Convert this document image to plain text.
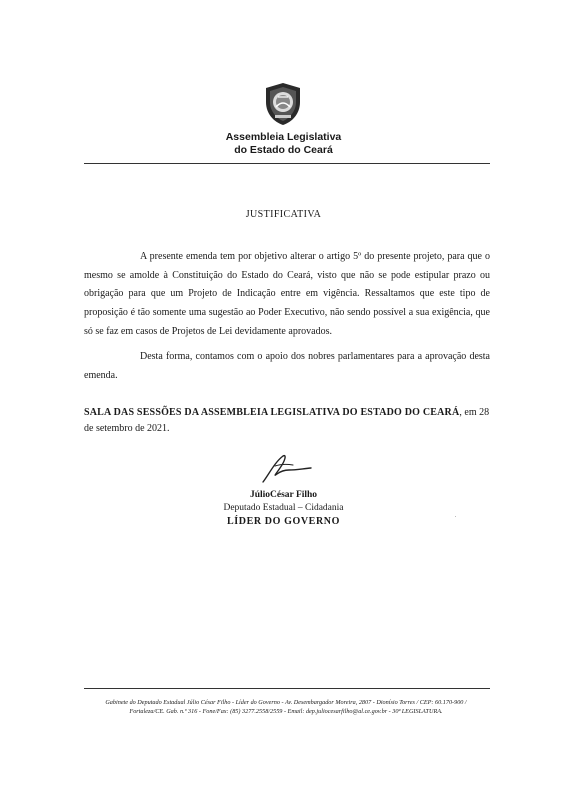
Assembleia Legislativa
do Estado do Ceará
JUSTIFICATIVA

A presente emenda tem por objetivo alterar o artigo 5º do presente projeto, para que o mesmo se amolde à Constituição do Estado do Ceará, visto que não se pode estipular prazo ou obrigação para que um Projeto de Indicação entre em vigência. Ressaltamos que este tipo de proposição é tão somente uma sugestão ao Poder Executivo, não sendo possível a sua exigência, que só se faz em casos de Projetos de Lei devidamente aprovados.

Desta forma, contamos com o apoio dos nobres parlamentares para a aprovação desta emenda.

SALA DAS SESSÕES DA ASSEMBLEIA LEGISLATIVA DO ESTADO DO CEARÁ, em 28 de setembro de 2021.

JúlioCésar Filho
Deputado Estadual – Cidadania
LÍDER DO GOVERNO
Gabinete do Deputado Estadual Júlio César Filho - Líder do Governo - Av. Desembargador Moreira, 2807 - Dionísio Torres / CEP: 60.170-900 /
Fortaleza/CE. Gab. n.º 316 - Fone/Fax: (85) 3277.2558/2559 - Email: dep.juliocesarfilho@al.ce.gov.br - 30ª LEGISLATURA.
